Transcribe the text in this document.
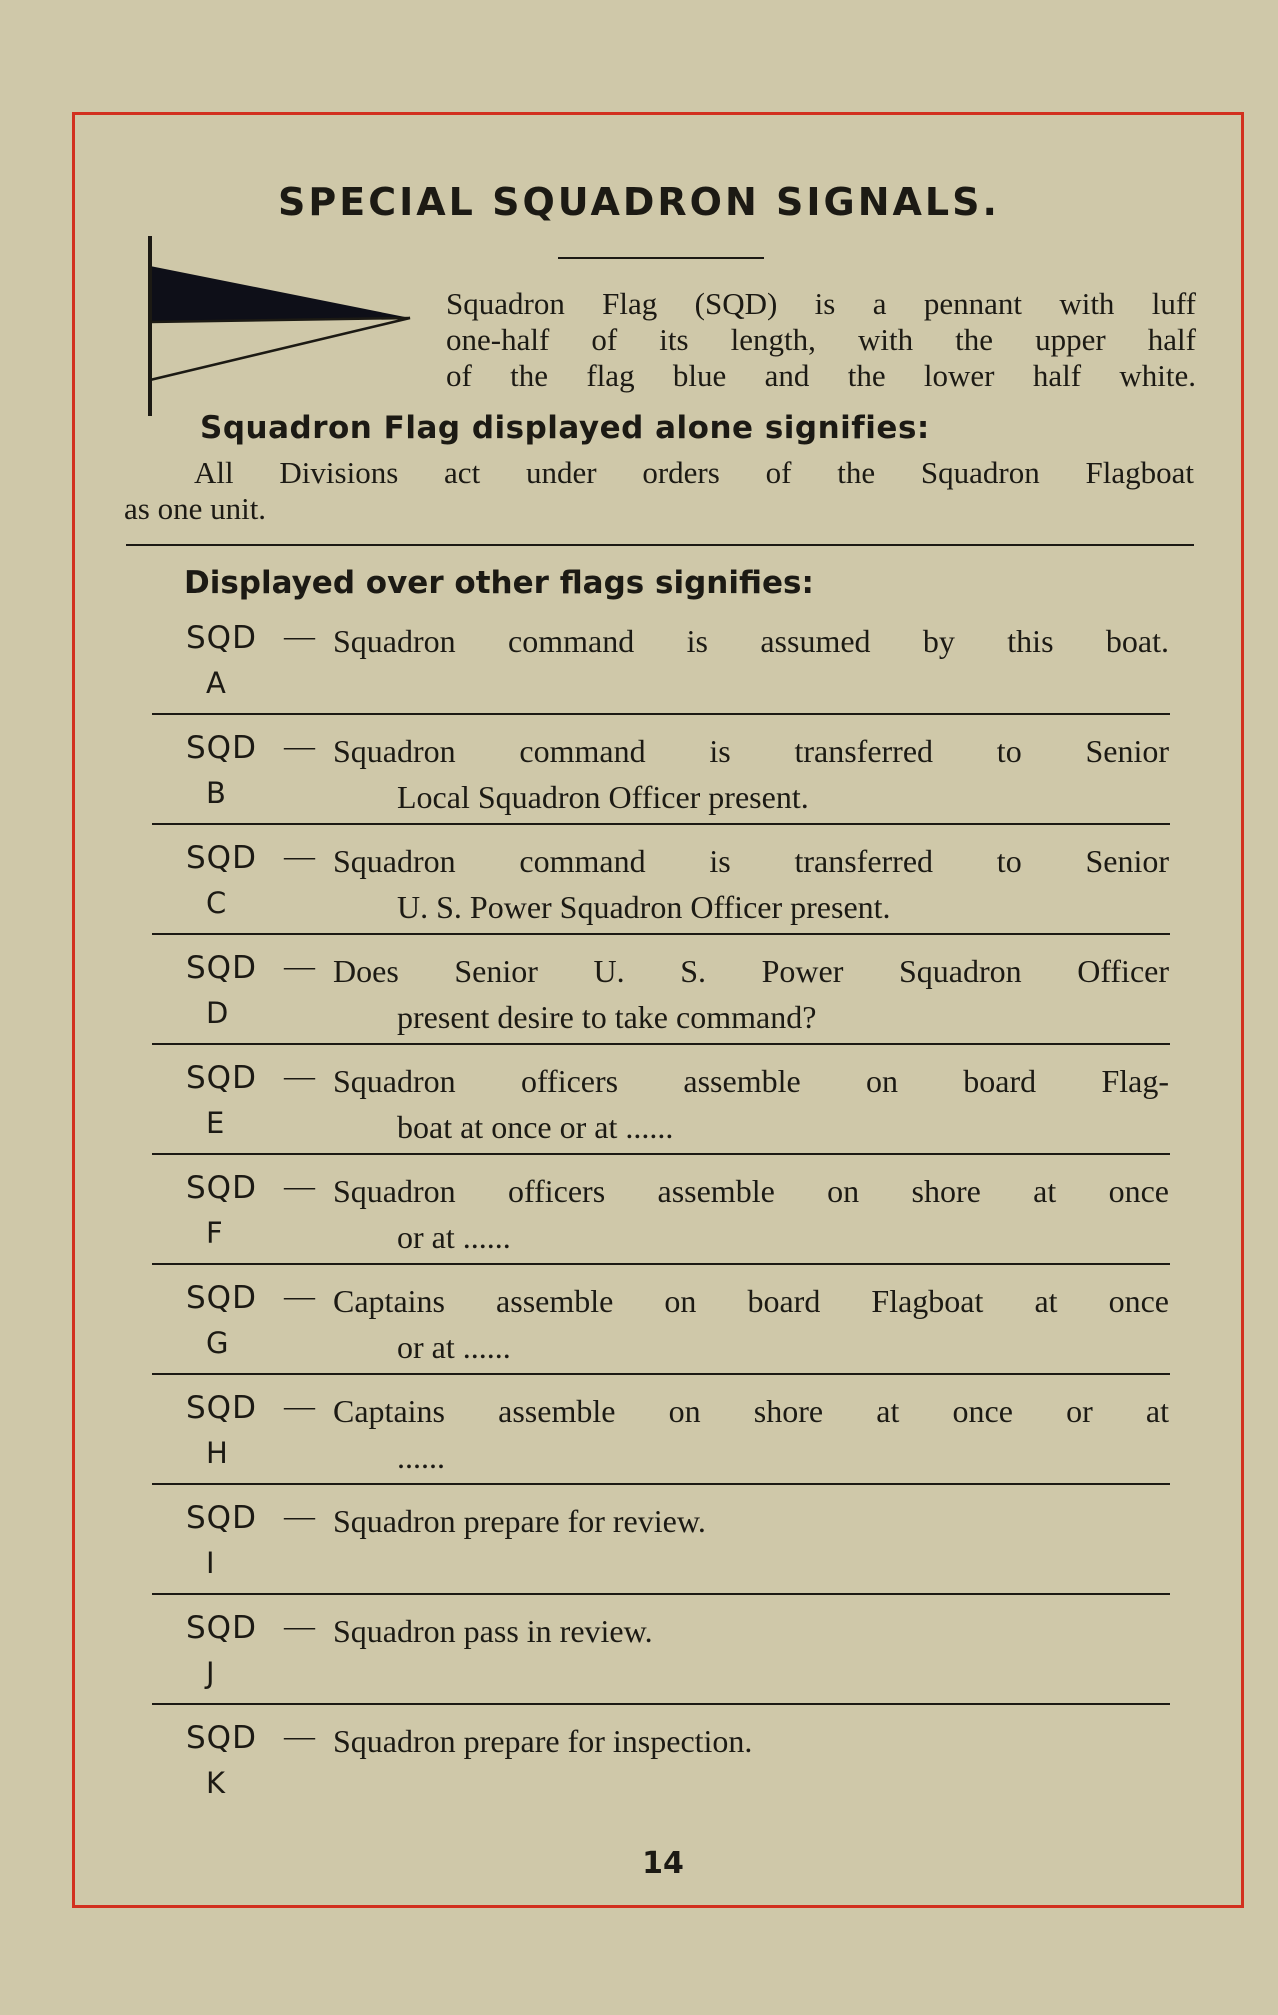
SPECIAL SQUADRON SIGNALS.

Squadron Flag (SQD) is a pennant with luff
one-half of its length, with the upper half
of the flag blue and the lower half white.

Squadron Flag displayed alone signifies:

All Divisions act under orders of the Squadron Flagboat
as one unit.

Displayed over other flags signifies:
SQD —
A
Squadron command is assumed by this boat.
SQD —
B
Squadron command is transferred to Senior
Local Squadron Officer present.
SQD —
C
Squadron command is transferred to Senior
U. S. Power Squadron Officer present.
SQD —
D
Does Senior U. S. Power Squadron Officer
present desire to take command?
SQD —
E
Squadron officers assemble on board Flag-
boat at once or at ......
SQD —
F
Squadron officers assemble on shore at once
or at ......
SQD —
G
Captains assemble on board Flagboat at once
or at ......
SQD —
H
Captains assemble on shore at once or at
......
SQD —
I
Squadron prepare for review.
SQD —
J
Squadron pass in review.
SQD —
K
Squadron prepare for inspection.

14
